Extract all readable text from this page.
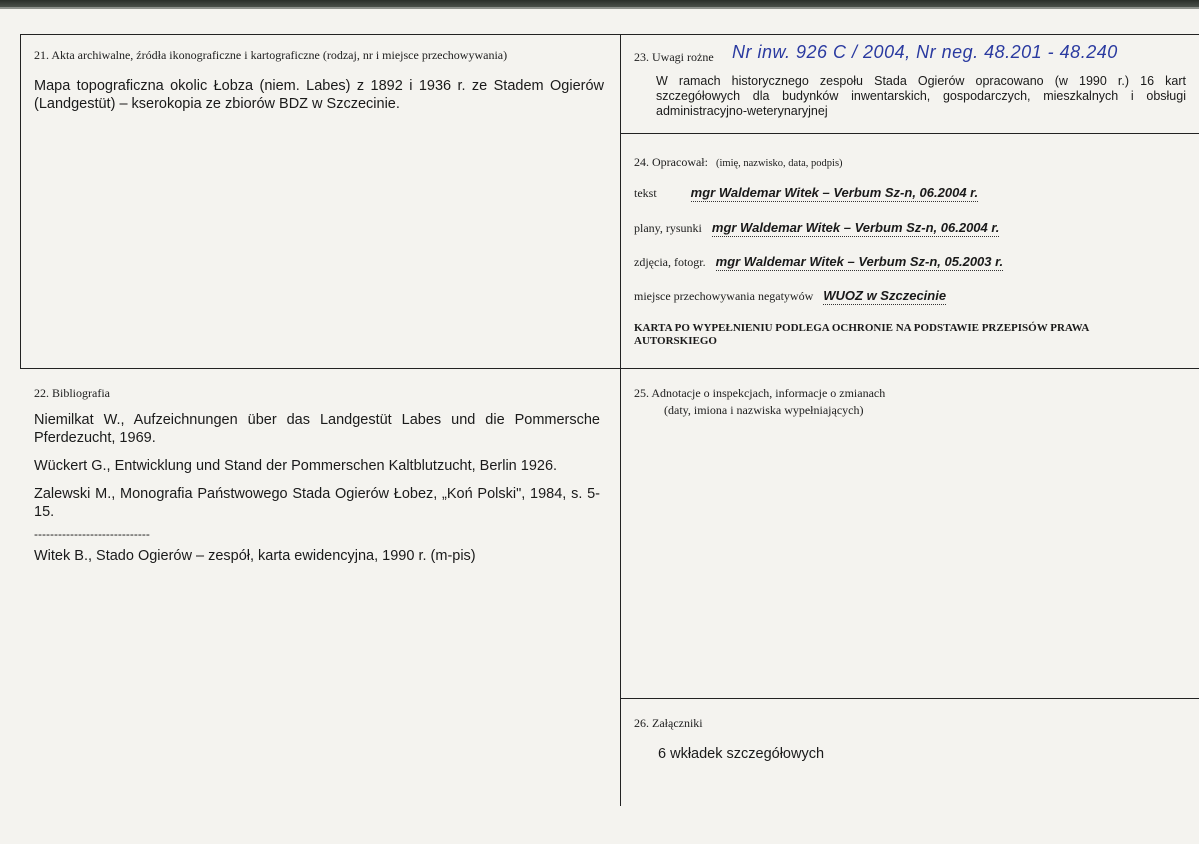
21. Akta archiwalne, źródła ikonograficzne i kartograficzne (rodzaj, nr i miejsce przechowywania)
Mapa topograficzna okolic Łobza (niem. Labes) z 1892 i 1936 r. ze Stadem Ogierów (Landgestüt) – kserokopia ze zbiorów BDZ w Szczecinie.
23. Uwagi rożne Nr inw. 926 C / 2004, Nr neg. 48.201 - 48.240
W ramach historycznego zespołu Stada Ogierów opracowano (w 1990 r.) 16 kart szczegółowych dla budynków inwentarskich, gospodarczych, mieszkalnych i obsługi administracyjno-weterynaryjnej
24. Opracował: (imię, nazwisko, data, podpis)
tekst	mgr Waldemar Witek – Verbum Sz-n, 06.2004 r.
plany, rysunki mgr Waldemar Witek – Verbum Sz-n, 06.2004 r.
zdjęcia, fotogr. mgr Waldemar Witek – Verbum Sz-n, 05.2003 r.
miejsce przechowywania negatywów WUOZ w Szczecinie
KARTA PO WYPEŁNIENIU PODLEGA OCHRONIE NA PODSTAWIE PRZEPISÓW PRAWA AUTORSKIEGO
22. Bibliografia

Niemilkat W., Aufzeichnungen über das Landgestüt Labes und die Pommersche Pferdezucht, 1969.

Wückert G., Entwicklung und Stand der Pommerschen Kaltblutzucht, Berlin 1926.

Zalewski M., Monografia Państwowego Stada Ogierów Łobez, „Koń Polski", 1984, s. 5-15.

-----------------------------

Witek B., Stado Ogierów – zespół, karta ewidencyjna, 1990 r. (m-pis)

25. Adnotacje o inspekcjach, informacje o zmianach
(daty, imiona i nazwiska wypełniających)
26. Załączniki
6 wkładek szczegółowych
